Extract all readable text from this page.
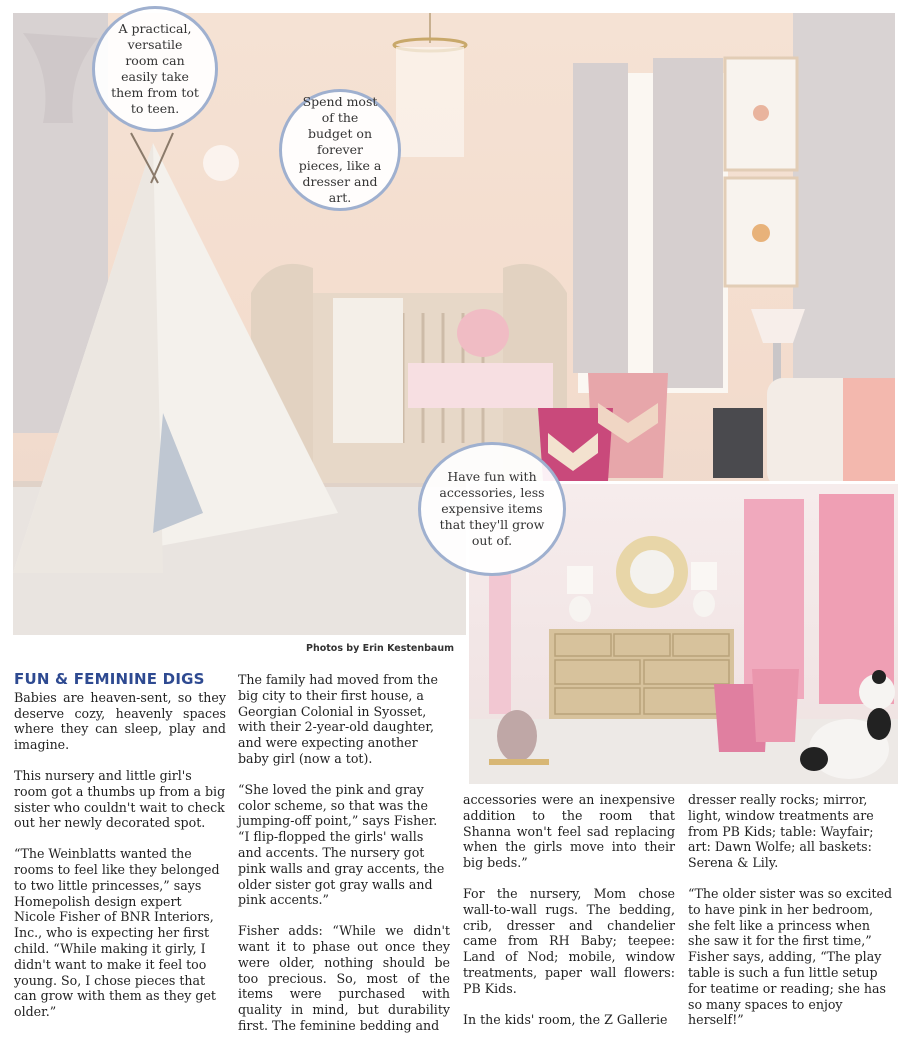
A practical, versatile room can easily take them from tot to teen.	Spend most of the budget on forever pieces, like a dresser and art.
Have fun with accessories, less expensive items that they'll grow out of.
Photos by Erin Kestenbaum
FUN & FEMININE DIGS

Babies are heaven-sent, so they deserve cozy, heavenly spaces where they can sleep, play and imagine.

This nursery and little girl's room got a thumbs up from a big sister who couldn't wait to check out her newly decorated spot.

“The Weinblatts wanted the rooms to feel like they belonged to two little princesses,” says Homepolish design expert Nicole Fisher of BNR Interiors, Inc., who is expecting her first child. “While making it girly, I didn't want to make it feel too young. So, I chose pieces that can grow with them as they get older.”

The family had moved from the big city to their first house, a Georgian Colonial in Syosset, with their 2-year-old daughter, and were expecting another baby girl (now a tot).

“She loved the pink and gray color scheme, so that was the jumping-off point,” says Fisher. “I flip-flopped the girls' walls and accents. The nursery got pink walls and gray accents, the older sister got gray walls and pink accents.”

Fisher adds: “While we didn't want it to phase out once they were older, nothing should be too precious. So, most of the items were purchased with quality in mind, but durability first. The feminine bedding and

accessories were an inexpensive addition to the room that Shanna won't feel sad replacing when the girls move into their big beds.”

For the nursery, Mom chose wall-to-wall rugs. The bedding, crib, dresser and chandelier came from RH Baby; teepee: Land of Nod; mobile, window treatments, paper wall flowers: PB Kids.

In the kids' room, the Z Gallerie

dresser really rocks; mirror, light, window treatments are from PB Kids; table: Wayfair; art: Dawn Wolfe; all baskets: Serena & Lily.

“The older sister was so excited to have pink in her bedroom, she felt like a princess when she saw it for the first time,” Fisher says, adding, “The play table is such a fun little setup for teatime or reading; she has so many spaces to enjoy herself!”
